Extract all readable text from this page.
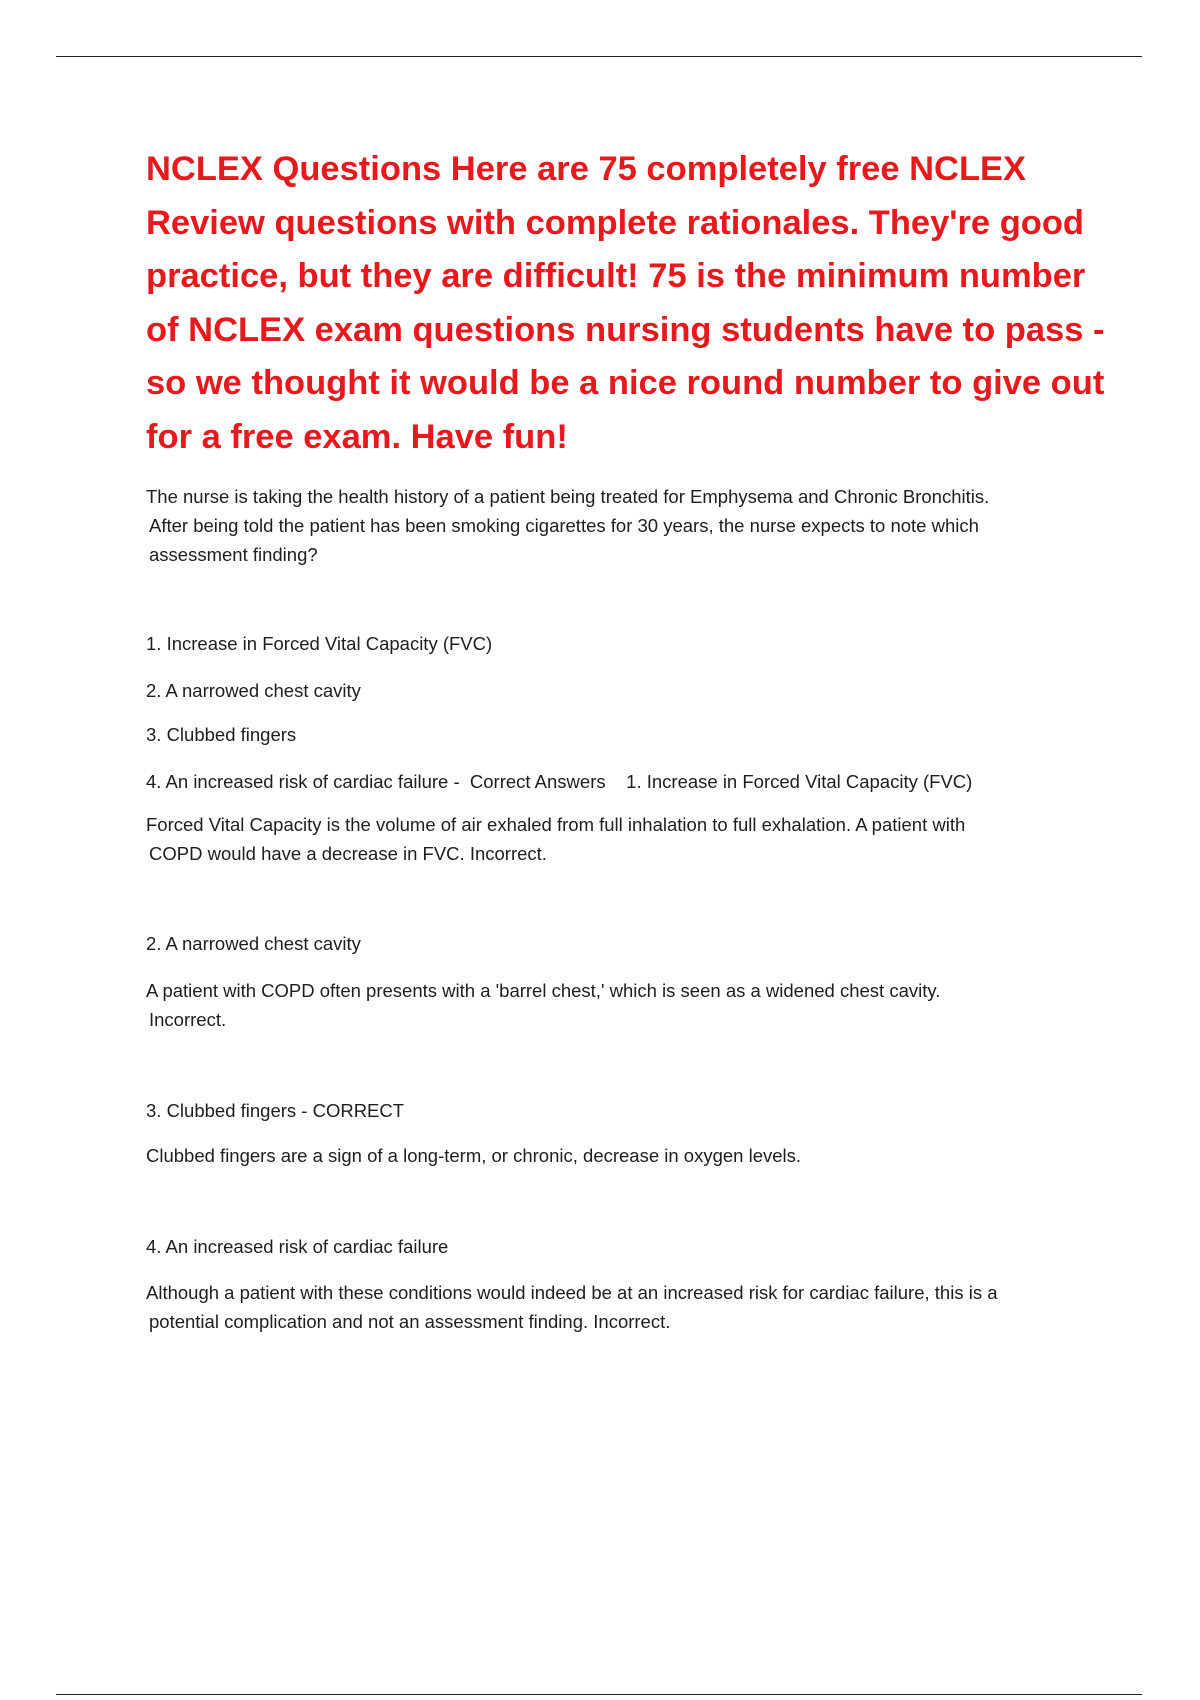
NCLEX Questions Here are 75 completely free NCLEX Review questions with complete rationales. They're good practice, but they are difficult! 75 is the minimum number of NCLEX exam questions nursing students have to pass - so we thought it would be a nice round number to give out for a free exam. Have fun!

The nurse is taking the health history of a patient being treated for Emphysema and Chronic Bronchitis.

After being told the patient has been smoking cigarettes for 30 years, the nurse expects to note which

assessment finding?

1. Increase in Forced Vital Capacity (FVC)

2. A narrowed chest cavity

3. Clubbed fingers

4. An increased risk of cardiac failure -  Correct Answers    1. Increase in Forced Vital Capacity (FVC)

Forced Vital Capacity is the volume of air exhaled from full inhalation to full exhalation. A patient with

COPD would have a decrease in FVC. Incorrect.

2. A narrowed chest cavity

A patient with COPD often presents with a 'barrel chest,' which is seen as a widened chest cavity.

Incorrect.

3. Clubbed fingers - CORRECT

Clubbed fingers are a sign of a long-term, or chronic, decrease in oxygen levels.

4. An increased risk of cardiac failure

Although a patient with these conditions would indeed be at an increased risk for cardiac failure, this is a

potential complication and not an assessment finding. Incorrect.
